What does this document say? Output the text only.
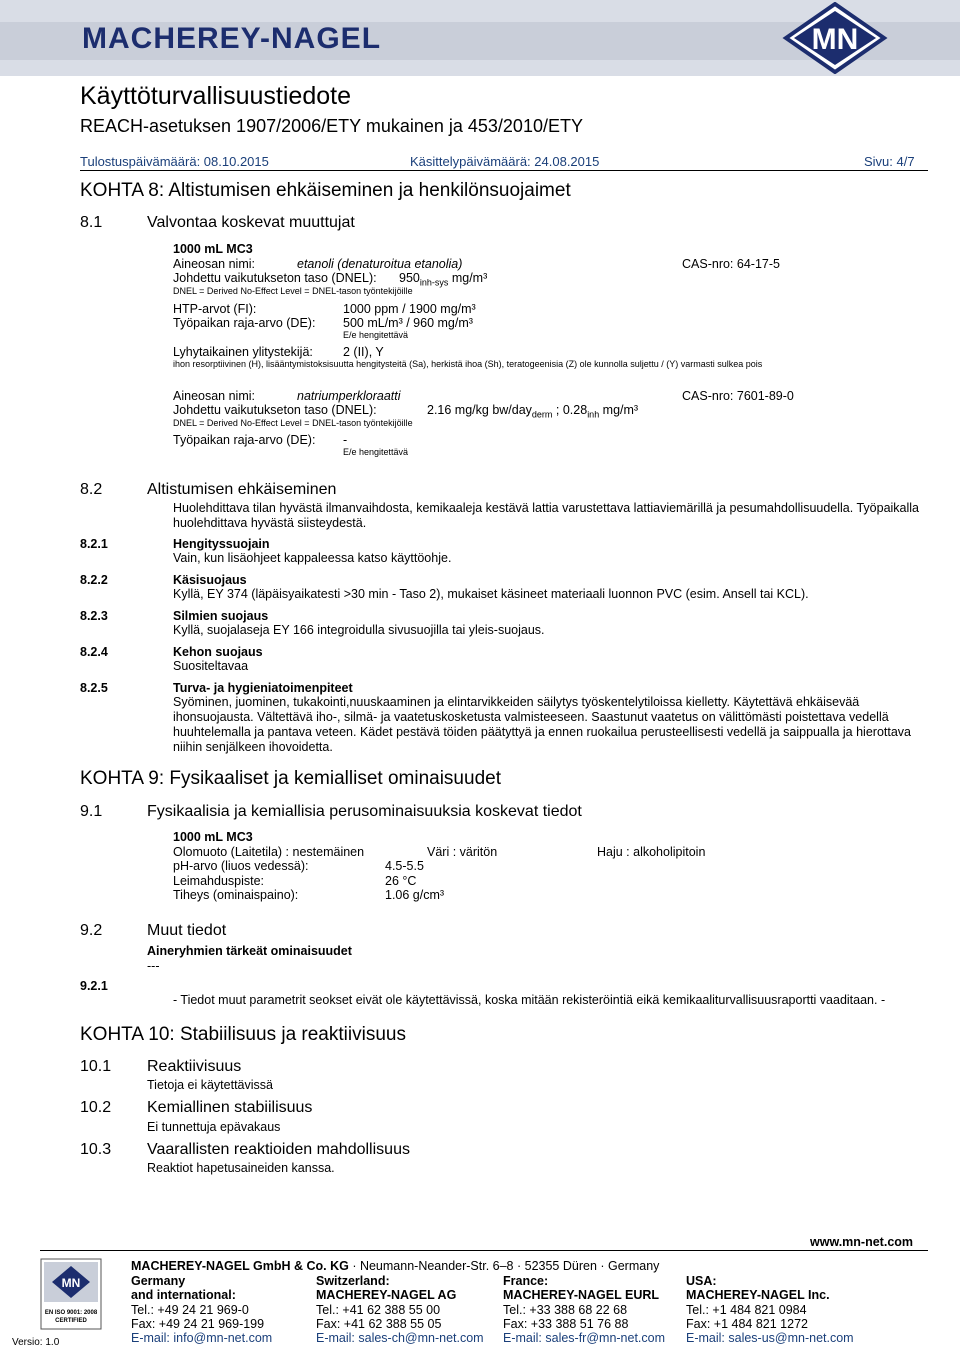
MACHEREY-NAGEL	MN
Käyttöturvallisuustiedote
REACH-asetuksen 1907/2006/ETY mukainen ja 453/2010/ETY
Tulostuspäivämäärä: 08.10.2015	Käsittelypäivämäärä: 24.08.2015	Sivu: 4/7
KOHTA 8: Altistumisen ehkäiseminen ja henkilönsuojaimet
8.1	Valvontaa koskevat muuttujat
1000 mL MC3
Aineosan nimi:	etanoli (denaturoitua etanolia)	CAS-nro: 64-17-5
Johdettu vaikutukseton taso (DNEL): $950_{inh-sys}$ mg/m³
DNEL = Derived No-Effect Level = DNEL-tason työntekijöille
HTP-arvot (FI):	1000 ppm / 1900 mg/m³
Työpaikan raja-arvo (DE): 500 mL/m³ / 960 mg/m³
E/e hengitettävä
Lyhytaikainen ylitystekijä: 2 (II), Y
ihon resorptiivinen (H), lisääntymistoksisuutta hengitysteitä (Sa), herkistä ihoa (Sh), teratogeenisia (Z) ole kunnolla suljettu / (Y) varmasti sulkea pois
Aineosan nimi:	natriumperkloraatti	CAS-nro: 7601-89-0
Johdettu vaikutukseton taso (DNEL):	2.16 mg/kg bw/day$_{derm}$ ; $0.28_{inh}$ mg/m³
DNEL = Derived No-Effect Level = DNEL-tason työntekijöille
Työpaikan raja-arvo (DE): -
E/e hengitettävä
8.2	Altistumisen ehkäiseminen
Huolehdittava tilan hyvästä ilmanvaihdosta, kemikaaleja kestävä lattia varustettava lattiaviemärillä ja pesumahdollisuudella. Työpaikalla huolehdittava hyvästä siisteydestä.
8.2.1	Hengityssuojain
Vain, kun lisäohjeet kappaleessa katso käyttöohje.
8.2.2	Käsisuojaus
Kyllä, EY 374 (läpäisyaikatesti >30 min - Taso 2), mukaiset käsineet materiaali luonnon PVC (esim. Ansell tai KCL).
8.2.3	Silmien suojaus
Kyllä, suojalaseja EY 166 integroidulla sivusuojilla tai yleis-suojaus.
8.2.4	Kehon suojaus
Suositeltavaa
8.2.5	Turva- ja hygieniatoimenpiteet
Syöminen, juominen, tukakointi,nuuskaaminen ja elintarvikkeiden säilytys työskentelytiloissa kielletty. Käytettävä ehkäisevää ihonsuojausta. Vältettävä iho-, silmä- ja vaatetuskosketusta valmisteeseen. Saastunut vaatetus on välittömästi poistettava vedellä huuhtelemalla ja pantava veteen. Kädet pestävä töiden päätyttyä ja ennen ruokailua perusteellisesti vedellä ja saippualla ja hierottava niihin senjälkeen ihovoidetta.
KOHTA 9: Fysikaaliset ja kemialliset ominaisuudet
9.1	Fysikaalisia ja kemiallisia perusominaisuuksia koskevat tiedot
1000 mL MC3
Olomuoto (Laitetila) : nestemäinen	Väri : väritön	Haju : alkoholipitoin
pH-arvo (liuos vedessä):	4.5-5.5
Leimahduspiste:	26 °C
Tiheys (ominaispaino):	1.06 g/cm³
9.2	Muut tiedot
Aineryhmien tärkeät ominaisuudet
---
9.2.1
- Tiedot muut parametrit seokset eivät ole käytettävissä, koska mitään rekisteröintiä eikä kemikaaliturvallisuusraportti vaaditaan. -
KOHTA 10: Stabiilisuus ja reaktiivisuus
10.1 Reaktiivisuus
Tietoja ei käytettävissä
10.2 Kemiallinen stabiilisuus
Ei tunnettuja epävakaus
10.3 Vaarallisten reaktioiden mahdollisuus
Reaktiot hapetusaineiden kanssa.
www.mn-net.com
MACHEREY-NAGEL GmbH & Co. KG · Neumann-Neander-Str. 6–8 · 52355 Düren · Germany
MN
EN ISO 9001: 2008
CERTIFIED
Versio: 1.0
Germany
and international:
Tel.: +49 24 21 969-0
Fax: +49 24 21 969-199
E-mail: info@mn-net.com
Switzerland:
MACHEREY-NAGEL AG
Tel.: +41 62 388 55 00
Fax: +41 62 388 55 05
E-mail: sales-ch@mn-net.com
France:
MACHEREY-NAGEL EURL
Tel.: +33 388 68 22 68
Fax: +33 388 51 76 88
E-mail: sales-fr@mn-net.com
USA:
MACHEREY-NAGEL Inc.
Tel.: +1 484 821 0984
Fax: +1 484 821 1272
E-mail: sales-us@mn-net.com
